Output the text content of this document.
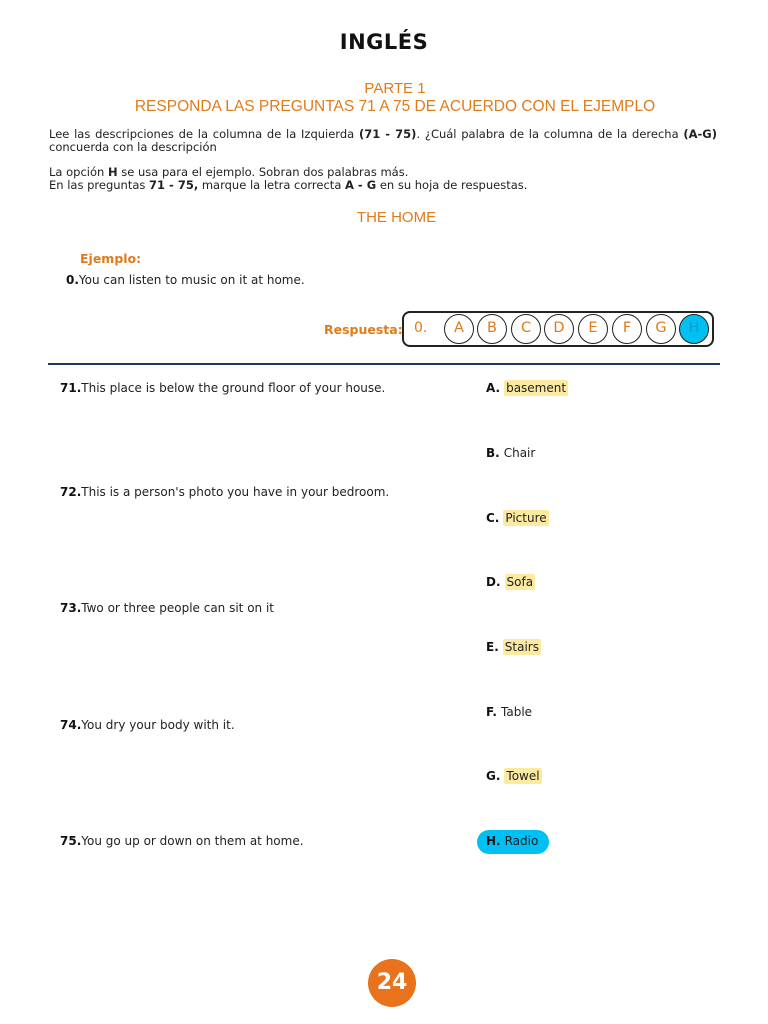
INGLÉS
PARTE 1
RESPONDA LAS PREGUNTAS 71 A 75 DE ACUERDO CON EL EJEMPLO
Lee las descripciones de la columna de la Izquierda (71 - 75). ¿Cuál palabra de la columna de la derecha (A-G)
concuerda con la descripción
La opción H se usa para el ejemplo. Sobran dos palabras más.
En las preguntas 71 - 75, marque la letra correcta A - G en su hoja de respuestas.
THE HOME
Ejemplo:
0.You can listen to music on it at home.
Respuesta: 0.	A	B	C	D	E	F	G	H
71.This place is below the ground floor of your house.
72.This is a person's photo you have in your bedroom.
73.Two or three people can sit on it
74.You dry your body with it.
75.You go up or down on them at home.
A. basement
B. Chair
C. Picture
D. Sofa
E. Stairs
F. Table
G. Towel
H. Radio
24
